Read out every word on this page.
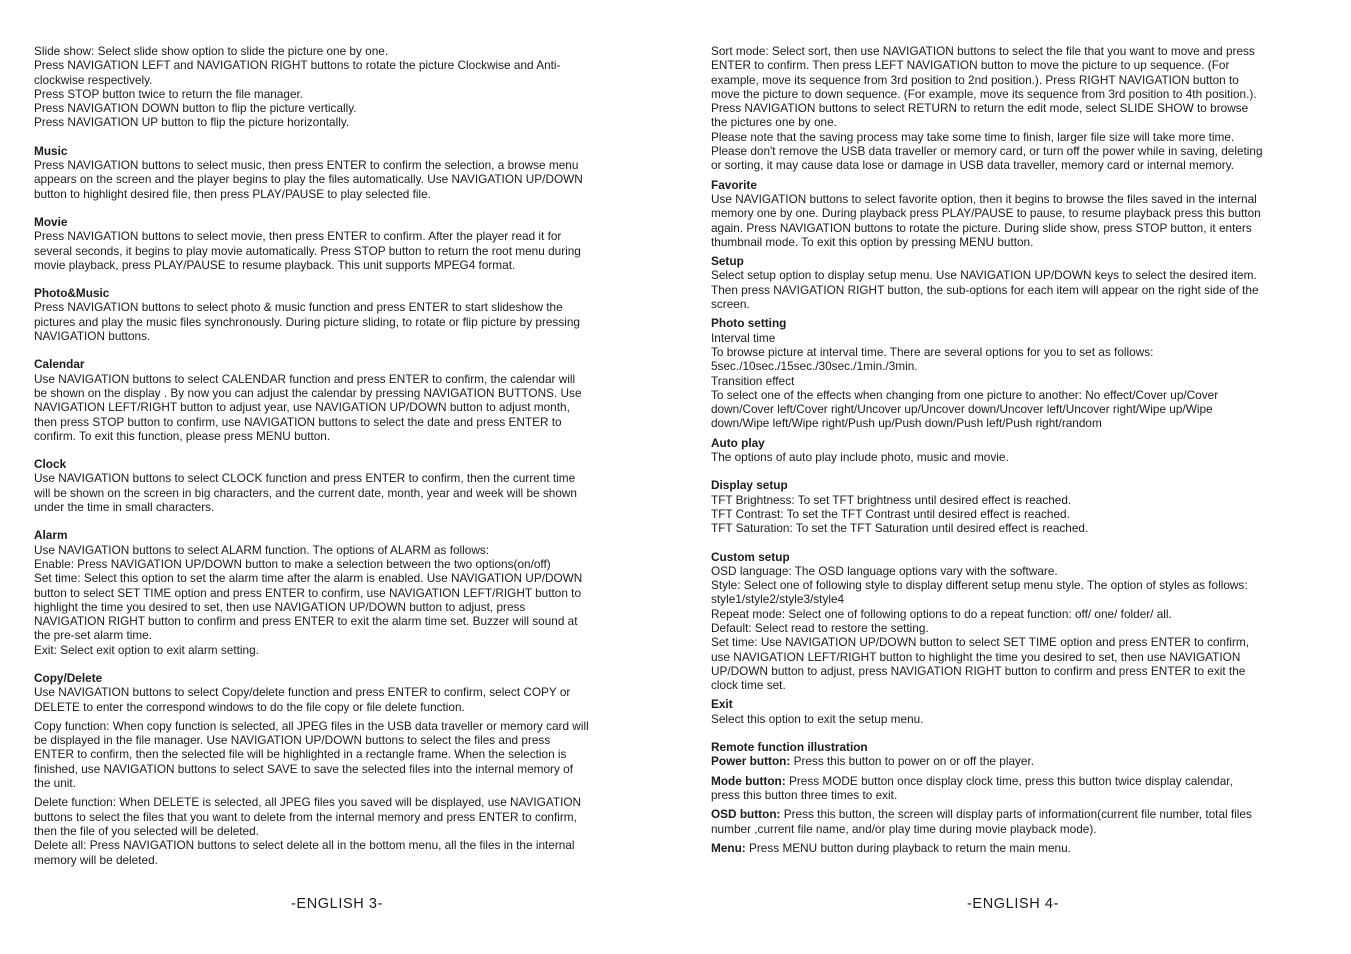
Slide show: Select slide show option to slide the picture one by one.
Press NAVIGATION LEFT and NAVIGATION RIGHT buttons to rotate the picture Clockwise and Anti-
clockwise respectively.
Press STOP button twice to return the file manager.
Press NAVIGATION DOWN button to flip the picture vertically.
Press NAVIGATION UP button to flip the picture horizontally.

Music

Press NAVIGATION buttons to select music, then press ENTER to confirm the selection, a browse menu
appears on the screen and the player begins to play the files automatically. Use NAVIGATION UP/DOWN
button to highlight desired file, then press PLAY/PAUSE to play selected file.

Movie

Press NAVIGATION buttons to select movie, then press ENTER to confirm. After the player read it for
several seconds, it begins to play movie automatically. Press STOP button to return the root menu during
movie playback, press PLAY/PAUSE to resume playback. This unit supports MPEG4 format.

Photo&Music

Press NAVIGATION buttons to select photo & music function and press ENTER to start slideshow the
pictures and play the music files synchronously. During picture sliding, to rotate or flip picture by pressing
NAVIGATION buttons.

Calendar

Use NAVIGATION buttons to select CALENDAR function and press ENTER to confirm, the calendar will
be shown on the display . By now you can adjust the calendar by pressing NAVIGATION BUTTONS. Use
NAVIGATION LEFT/RIGHT button to adjust year, use NAVIGATION UP/DOWN button to adjust month,
then press STOP button to confirm, use NAVIGATION buttons to select the date and press ENTER to
confirm. To exit this function, please press MENU button.

Clock

Use NAVIGATION buttons to select CLOCK function and press ENTER to confirm, then the current time
will be shown on the screen in big characters, and the current date, month, year and week will be shown
under the time in small characters.

Alarm

Use NAVIGATION buttons to select ALARM function. The options of ALARM as follows:
Enable: Press NAVIGATION UP/DOWN button to make a selection between the two options(on/off)
Set time: Select this option to set the alarm time after the alarm is enabled. Use NAVIGATION UP/DOWN
button to select SET TIME option and press ENTER to confirm, use NAVIGATION LEFT/RIGHT button to
highlight the time you desired to set, then use NAVIGATION UP/DOWN button to adjust, press
NAVIGATION RIGHT button to confirm and press ENTER to exit the alarm time set. Buzzer will sound at
the pre-set alarm time.
Exit: Select exit option to exit alarm setting.

Copy/Delete

Use NAVIGATION buttons to select Copy/delete function and press ENTER to confirm, select COPY or
DELETE to enter the correspond windows to do the file copy or file delete function.

Copy function: When copy function is selected, all JPEG files in the USB data traveller or memory card will
be displayed in the file manager. Use NAVIGATION UP/DOWN buttons to select the files and press
ENTER to confirm, then the selected file will be highlighted in a rectangle frame. When the selection is
finished, use NAVIGATION buttons to select SAVE to save the selected files into the internal memory of
the unit.

Delete function: When DELETE is selected, all JPEG files you saved will be displayed, use NAVIGATION
buttons to select the files that you want to delete from the internal memory and press ENTER to confirm,
then the file of you selected will be deleted.
Delete all: Press NAVIGATION buttons to select delete all in the bottom menu, all the files in the internal
memory will be deleted.

-ENGLISH 3-

Sort mode: Select sort, then use NAVIGATION buttons to select the file that you want to move and press
ENTER to confirm. Then press LEFT NAVIGATION button to move the picture to up sequence. (For
example, move its sequence from 3rd position to 2nd position.). Press RIGHT NAVIGATION button to
move the picture to down sequence. (For example, move its sequence from 3rd position to 4th position.).
Press NAVIGATION buttons to select RETURN to return the edit mode, select SLIDE SHOW to browse
the pictures one by one.
Please note that the saving process may take some time to finish, larger file size will take more time.
Please don't remove the USB data traveller or memory card, or turn off the power while in saving, deleting
or sorting, it may cause data lose or damage in USB data traveller, memory card or internal memory.

Favorite

Use NAVIGATION buttons to select favorite option, then it begins to browse the files saved in the internal
memory one by one. During playback press PLAY/PAUSE to pause, to resume playback press this button
again. Press NAVIGATION buttons to rotate the picture. During slide show, press STOP button, it enters
thumbnail mode. To exit this option by pressing MENU button.

Setup

Select setup option to display setup menu. Use NAVIGATION UP/DOWN keys to select the desired item.
Then press NAVIGATION RIGHT button, the sub-options for each item will appear on the right side of the
screen.

Photo setting

Interval time
To browse picture at interval time. There are several options for you to set as follows:
5sec./10sec./15sec./30sec./1min./3min.
Transition effect
To select one of the effects when changing from one picture to another: No effect/Cover up/Cover
down/Cover left/Cover right/Uncover up/Uncover down/Uncover left/Uncover right/Wipe up/Wipe
down/Wipe left/Wipe right/Push up/Push down/Push left/Push right/random

Auto play

The options of auto play include photo, music and movie.

Display setup

TFT Brightness: To set TFT brightness until desired effect is reached.
TFT Contrast: To set the TFT Contrast until desired effect is reached.
TFT Saturation: To set the TFT Saturation until desired effect is reached.

Custom setup

OSD language: The OSD language options vary with the software.
Style: Select one of following style to display different setup menu style. The option of styles as follows:
style1/style2/style3/style4
Repeat mode: Select one of following options to do a repeat function: off/ one/ folder/ all.
Default: Select read to restore the setting.
Set time: Use NAVIGATION UP/DOWN button to select SET TIME option and press ENTER to confirm,
use NAVIGATION LEFT/RIGHT button to highlight the time you desired to set, then use NAVIGATION
UP/DOWN button to adjust, press NAVIGATION RIGHT button to confirm and press ENTER to exit the
clock time set.

Exit

Select this option to exit the setup menu.

Remote function illustration

Power button: Press this button to power on or off the player.

Mode button: Press MODE button once display clock time, press this button twice display calendar,
press this button three times to exit.

OSD button: Press this button, the screen will display parts of information(current file number, total files
number ,current file name, and/or play time during movie playback mode).

Menu: Press MENU button during playback to return the main menu.

-ENGLISH 4-
